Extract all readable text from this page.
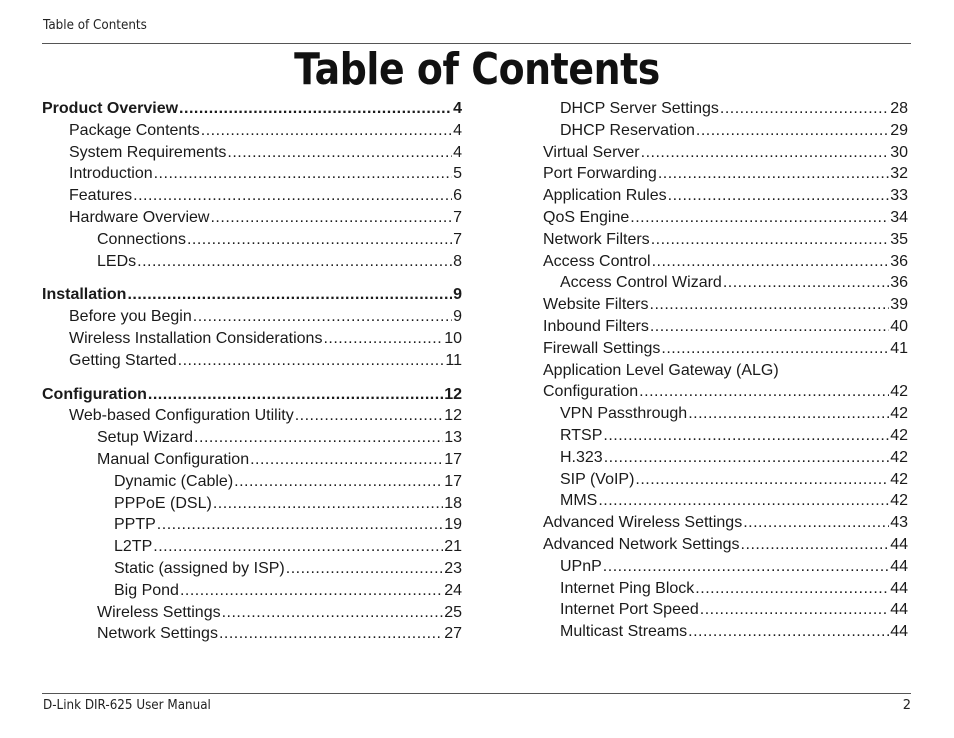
Table of Contents
Table of Contents
Product Overview .....	4
Package Contents .....	4
System Requirements .....	4
Introduction .....	5
Features .....	6
Hardware Overview .....	7
Connections .....	7
LEDs .....	8
Installation .....	9
Before you Begin .....	9
Wireless Installation Considerations .....	10
Getting Started .....	11
Configuration .....	12
Web-based Configuration Utility .....	12
Setup Wizard .....	13
Manual Configuration .....	17
Dynamic (Cable) .....	17
PPPoE (DSL) .....	18
PPTP .....	19
L2TP .....	21
Static (assigned by ISP) .....	23
Big Pond .....	24
Wireless Settings .....	25
Network Settings .....	27
DHCP Server Settings .....	28
DHCP Reservation .....	29
Virtual Server .....	30
Port Forwarding .....	32
Application Rules .....	33
QoS Engine .....	34
Network Filters .....	35
Access Control .....	36
Access Control Wizard .....	36
Website Filters .....	39
Inbound Filters .....	40
Firewall Settings .....	41
Application Level Gateway (ALG)
Configuration .....	42
VPN Passthrough .....	42
RTSP .....	42
H.323 .....	42
SIP (VoIP) .....	42
MMS .....	42
Advanced Wireless Settings .....	43
Advanced Network Settings .....	44
UPnP .....	44
Internet Ping Block .....	44
Internet Port Speed .....	44
Multicast Streams .....	44
D-Link DIR-625 User Manual	2
